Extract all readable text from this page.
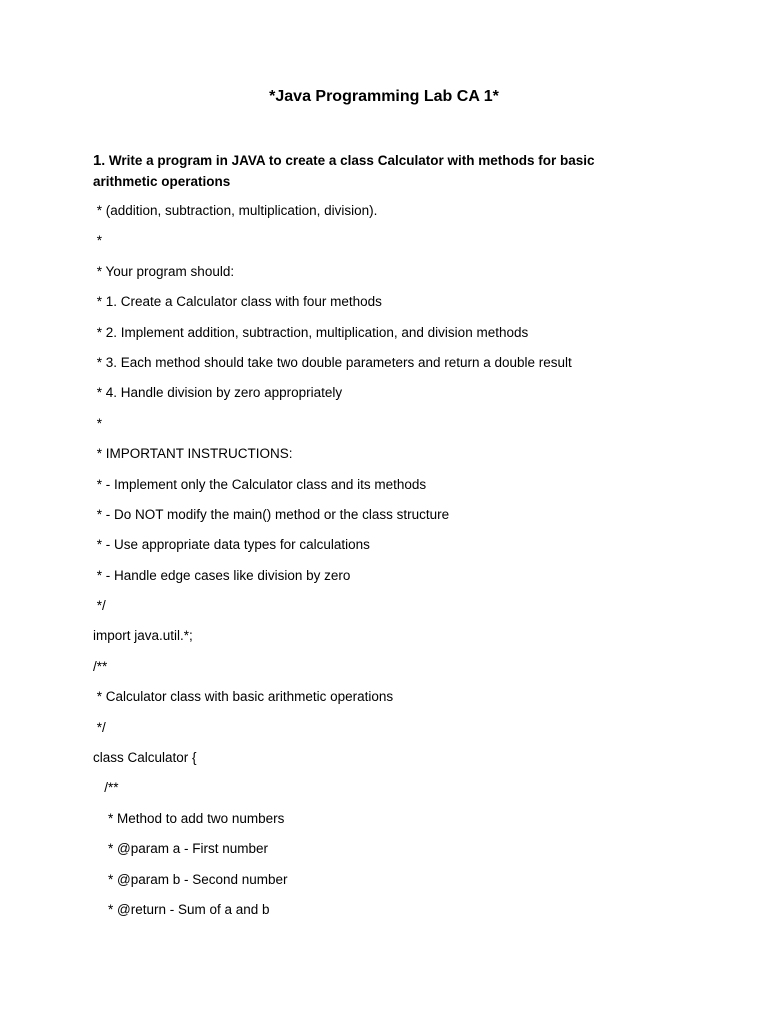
*Java Programming Lab CA 1*
1. Write a program in JAVA to create a class Calculator with methods for basic arithmetic operations
* (addition, subtraction, multiplication, division).
*
* Your program should:
* 1. Create a Calculator class with four methods
* 2. Implement addition, subtraction, multiplication, and division methods
* 3. Each method should take two double parameters and return a double result
* 4. Handle division by zero appropriately
*
* IMPORTANT INSTRUCTIONS:
* - Implement only the Calculator class and its methods
* - Do NOT modify the main() method or the class structure
* - Use appropriate data types for calculations
* - Handle edge cases like division by zero
*/
import java.util.*;
/**
* Calculator class with basic arithmetic operations
*/
class Calculator {
/**
* Method to add two numbers
* @param a - First number
* @param b - Second number
* @return - Sum of a and b
